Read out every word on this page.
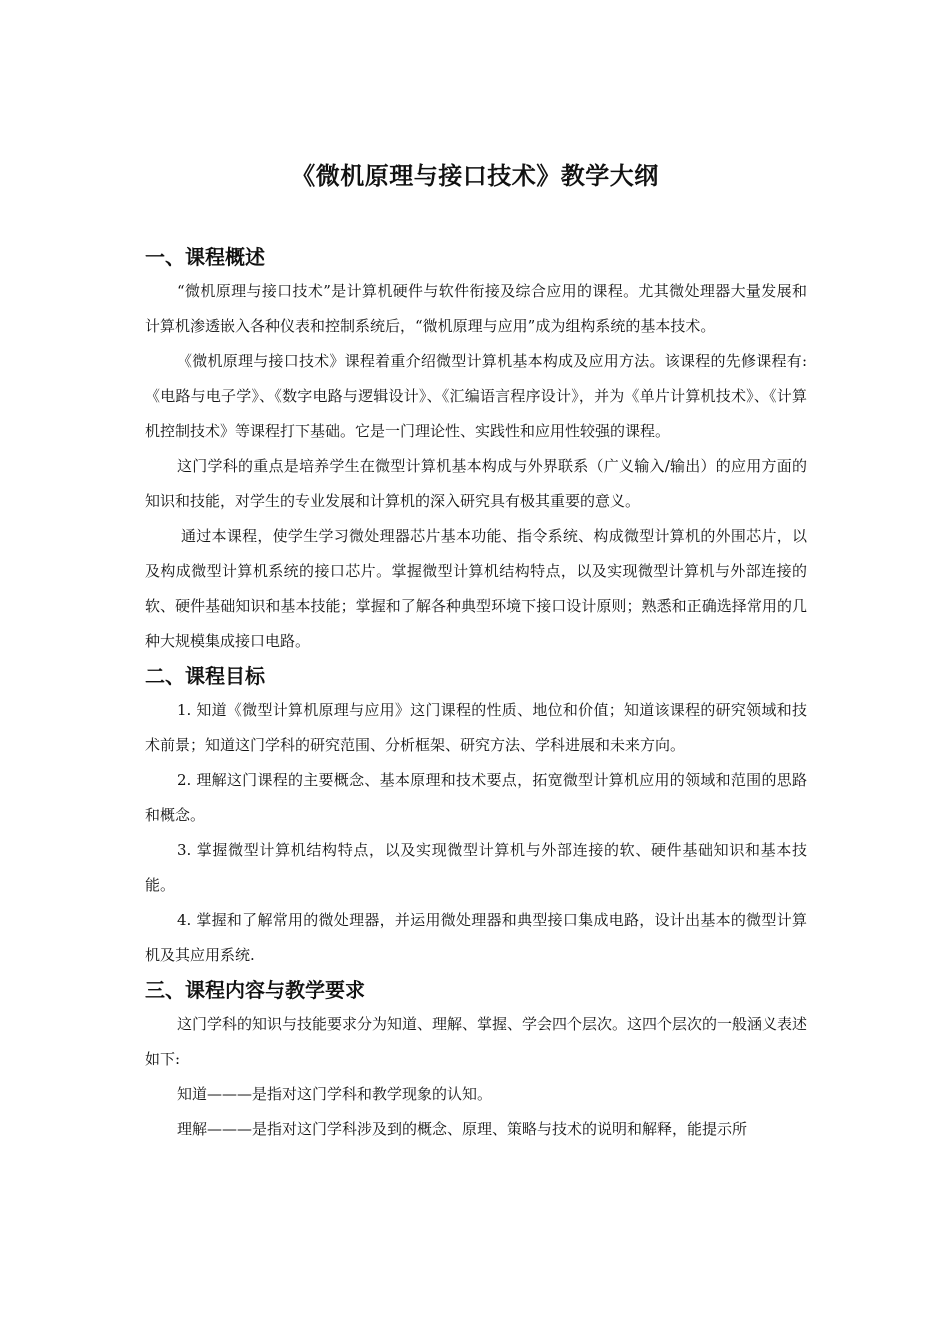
《微机原理与接口技术》教学大纲
一、课程概述

“微机原理与接口技术”是计算机硬件与软件衔接及综合应用的课程。尤其微处理器大量发展和计算机渗透嵌入各种仪表和控制系统后，“微机原理与应用”成为组构系统的基本技术。

《微机原理与接口技术》课程着重介绍微型计算机基本构成及应用方法。该课程的先修课程有:《电路与电子学》、《数字电路与逻辑设计》、《汇编语言程序设计》，并为《单片计算机技术》、《计算机控制技术》等课程打下基础。它是一门理论性、实践性和应用性较强的课程。

这门学科的重点是培养学生在微型计算机基本构成与外界联系（广义输入/输出）的应用方面的知识和技能，对学生的专业发展和计算机的深入研究具有极其重要的意义。

通过本课程，使学生学习微处理器芯片基本功能、指令系统、构成微型计算机的外围芯片，以及构成微型计算机系统的接口芯片。掌握微型计算机结构特点，以及实现微型计算机与外部连接的软、硬件基础知识和基本技能；掌握和了解各种典型环境下接口设计原则；熟悉和正确选择常用的几种大规模集成接口电路。

二、课程目标

1. 知道《微型计算机原理与应用》这门课程的性质、地位和价值；知道该课程的研究领域和技术前景；知道这门学科的研究范围、分析框架、研究方法、学科进展和未来方向。

2. 理解这门课程的主要概念、基本原理和技术要点，拓宽微型计算机应用的领域和范围的思路和概念。

3. 掌握微型计算机结构特点，以及实现微型计算机与外部连接的软、硬件基础知识和基本技能。

4. 掌握和了解常用的微处理器，并运用微处理器和典型接口集成电路，设计出基本的微型计算机及其应用系统.

三、课程内容与教学要求

这门学科的知识与技能要求分为知道、理解、掌握、学会四个层次。这四个层次的一般涵义表述如下:

知道———是指对这门学科和教学现象的认知。

理解———是指对这门学科涉及到的概念、原理、策略与技术的说明和解释，能提示所
